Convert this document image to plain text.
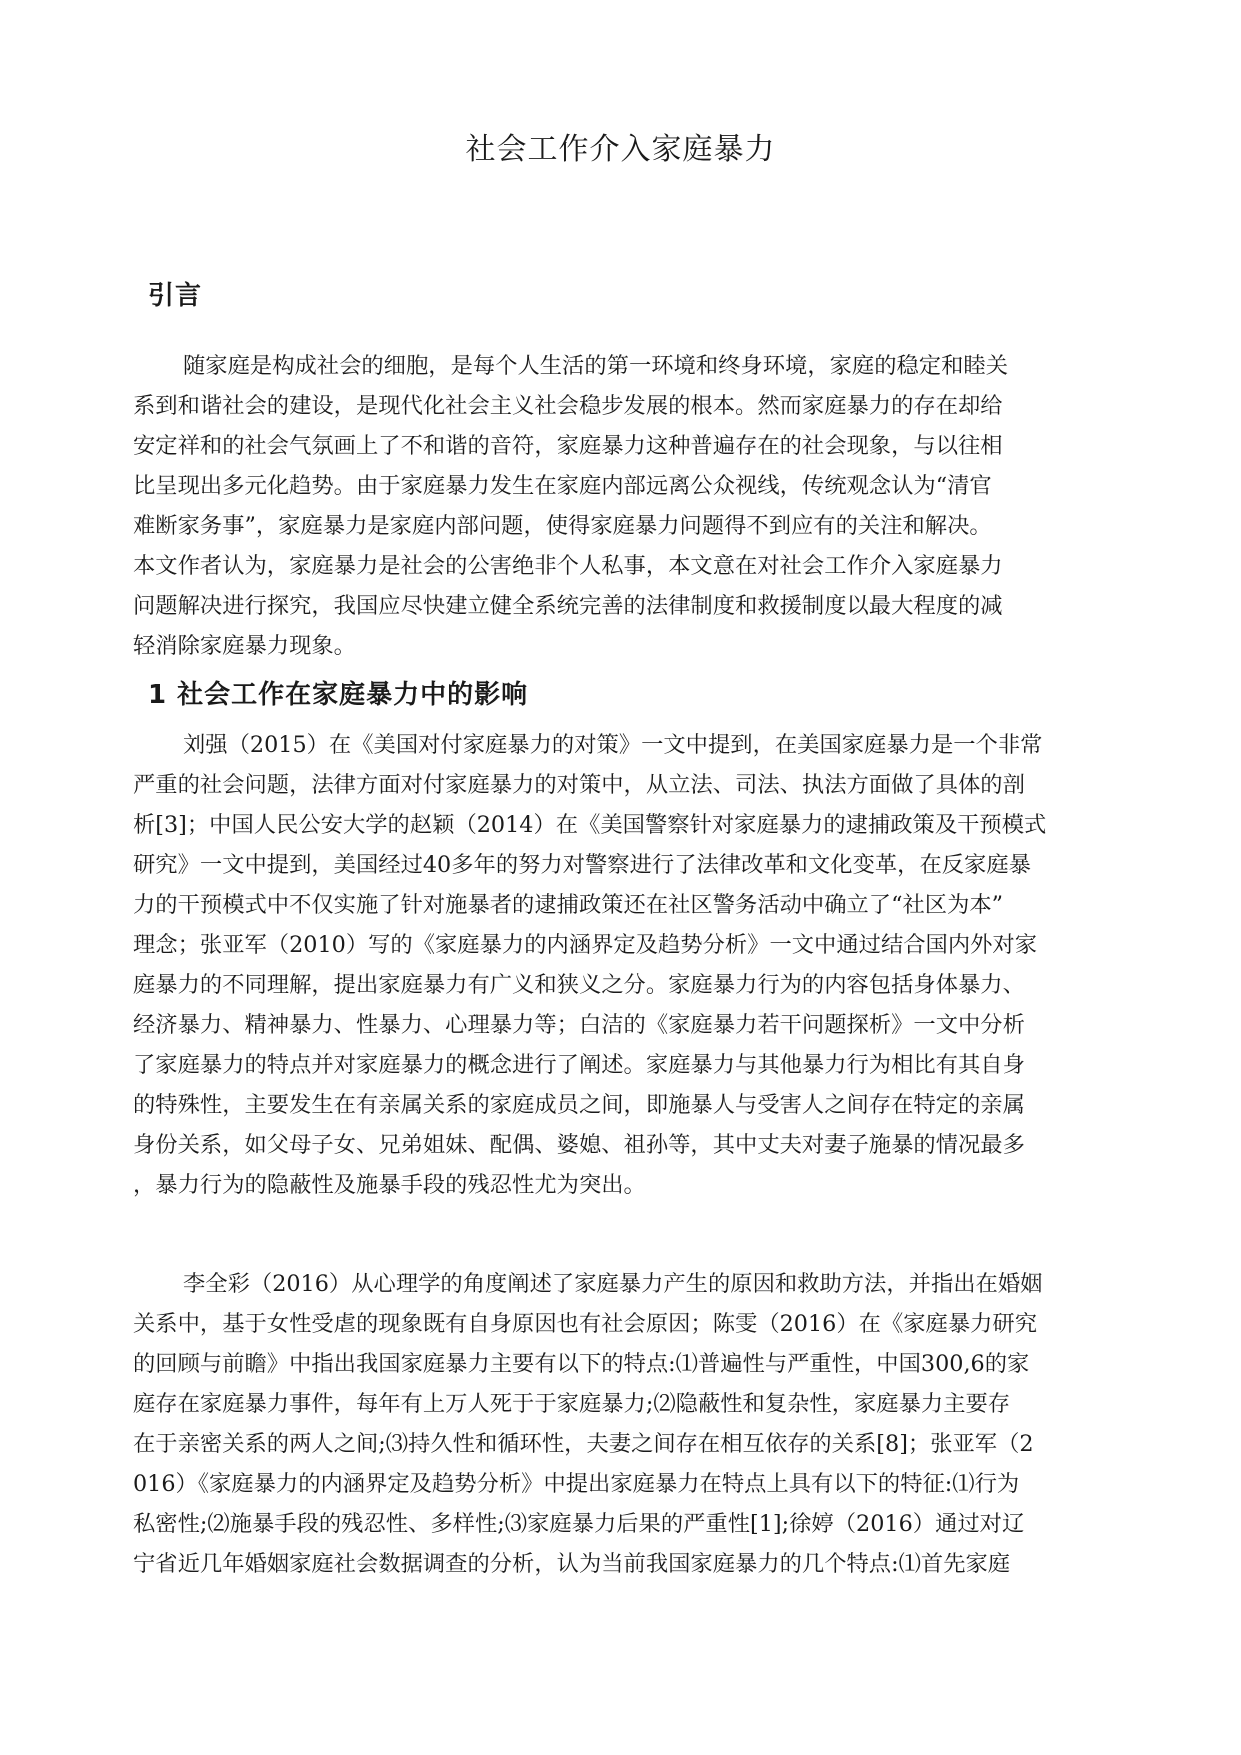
社会工作介入家庭暴力
引言
随家庭是构成社会的细胞，是每个人生活的第一环境和终身环境，家庭的稳定和睦关
系到和谐社会的建设，是现代化社会主义社会稳步发展的根本。然而家庭暴力的存在却给
安定祥和的社会气氛画上了不和谐的音符，家庭暴力这种普遍存在的社会现象，与以往相
比呈现出多元化趋势。由于家庭暴力发生在家庭内部远离公众视线，传统观念认为“清官
难断家务事”，家庭暴力是家庭内部问题，使得家庭暴力问题得不到应有的关注和解决。
本文作者认为，家庭暴力是社会的公害绝非个人私事，本文意在对社会工作介入家庭暴力
问题解决进行探究，我国应尽快建立健全系统完善的法律制度和救援制度以最大程度的减
轻消除家庭暴力现象。
1 社会工作在家庭暴力中的影响
刘强（2015）在《美国对付家庭暴力的对策》一文中提到，在美国家庭暴力是一个非常
严重的社会问题，法律方面对付家庭暴力的对策中，从立法、司法、执法方面做了具体的剖
析[3]；中国人民公安大学的赵颖（2014）在《美国警察针对家庭暴力的逮捕政策及干预模式
研究》一文中提到，美国经过40多年的努力对警察进行了法律改革和文化变革，在反家庭暴
力的干预模式中不仅实施了针对施暴者的逮捕政策还在社区警务活动中确立了“社区为本”
理念；张亚军（2010）写的《家庭暴力的内涵界定及趋势分析》一文中通过结合国内外对家
庭暴力的不同理解，提出家庭暴力有广义和狭义之分。家庭暴力行为的内容包括身体暴力、
经济暴力、精神暴力、性暴力、心理暴力等；白洁的《家庭暴力若干问题探析》一文中分析
了家庭暴力的特点并对家庭暴力的概念进行了阐述。家庭暴力与其他暴力行为相比有其自身
的特殊性，主要发生在有亲属关系的家庭成员之间，即施暴人与受害人之间存在特定的亲属
身份关系，如父母子女、兄弟姐妹、配偶、婆媳、祖孙等，其中丈夫对妻子施暴的情况最多
，暴力行为的隐蔽性及施暴手段的残忍性尤为突出。
李全彩（2016）从心理学的角度阐述了家庭暴力产生的原因和救助方法，并指出在婚姻
关系中，基于女性受虐的现象既有自身原因也有社会原因；陈雯（2016）在《家庭暴力研究
的回顾与前瞻》中指出我国家庭暴力主要有以下的特点:⑴普遍性与严重性，中国300,6的家
庭存在家庭暴力事件，每年有上万人死于于家庭暴力;⑵隐蔽性和复杂性，家庭暴力主要存
在于亲密关系的两人之间;⑶持久性和循环性，夫妻之间存在相互依存的关系[8]；张亚军（2
016）《家庭暴力的内涵界定及趋势分析》中提出家庭暴力在特点上具有以下的特征:⑴行为
私密性;⑵施暴手段的残忍性、多样性;⑶家庭暴力后果的严重性[1];徐婷（2016）通过对辽
宁省近几年婚姻家庭社会数据调查的分析，认为当前我国家庭暴力的几个特点:⑴首先家庭
